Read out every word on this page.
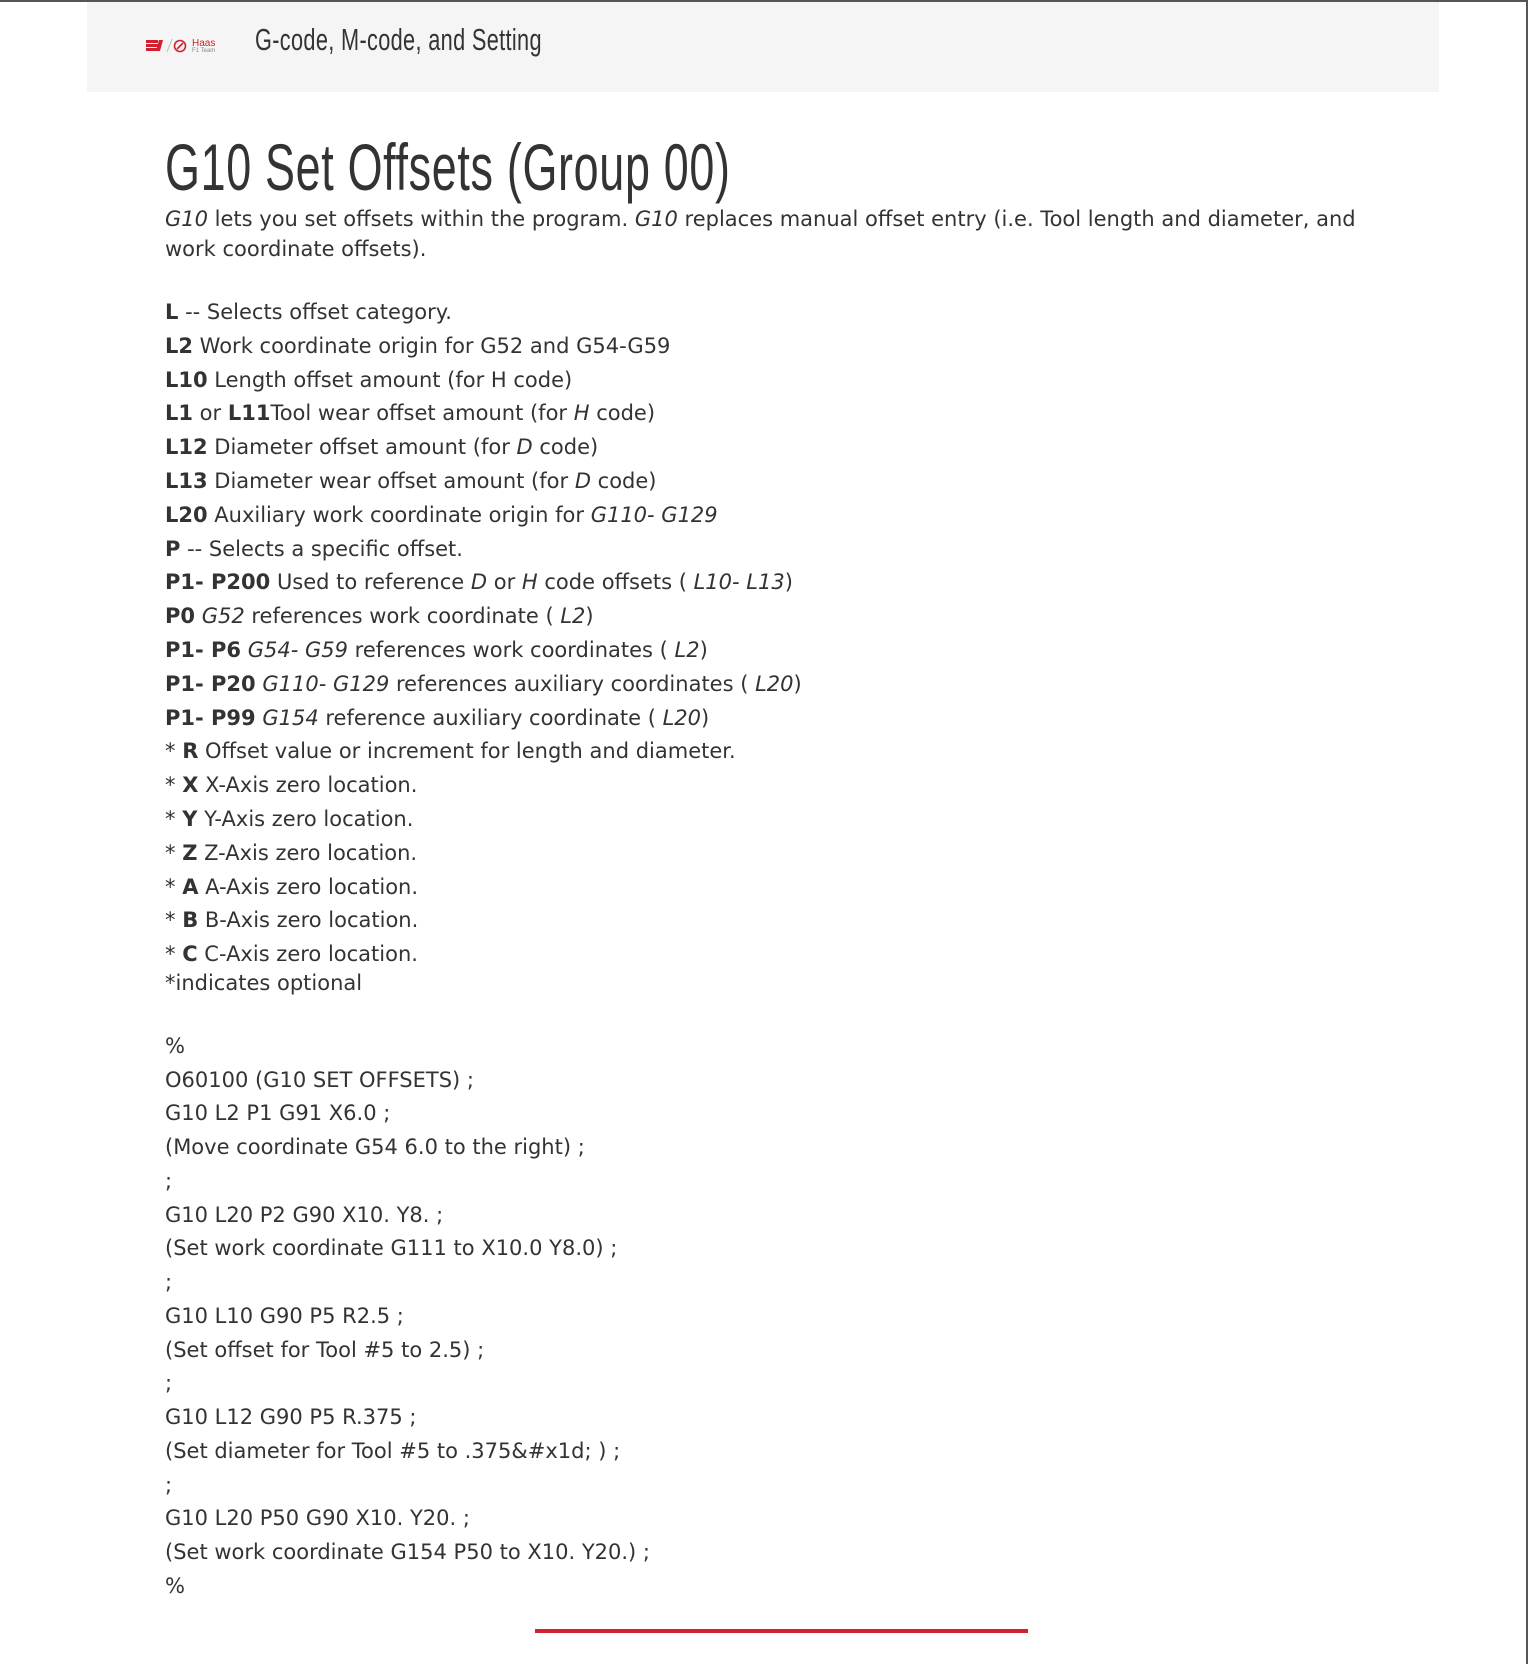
Haas
F1 Team G-code, M-code, and Setting
G10 Set Offsets (Group 00)

G10 lets you set offsets within the program. G10 replaces manual offset entry (i.e. Tool length and diameter, and work coordinate offsets).

L -- Selects offset category.
L2 Work coordinate origin for G52 and G54-G59
L10 Length offset amount (for H code)
L1 or L11Tool wear offset amount (for H code)
L12 Diameter offset amount (for D code)
L13 Diameter wear offset amount (for D code)
L20 Auxiliary work coordinate origin for G110- G129
P -- Selects a specific offset.
P1- P200 Used to reference D or H code offsets ( L10- L13)
P0 G52 references work coordinate ( L2)
P1- P6 G54- G59 references work coordinates ( L2)
P1- P20 G110- G129 references auxiliary coordinates ( L20)
P1- P99 G154 reference auxiliary coordinate ( L20)
* R Offset value or increment for length and diameter.
* X X-Axis zero location.
* Y Y-Axis zero location.
* Z Z-Axis zero location.
* A A-Axis zero location.
* B B-Axis zero location.
* C C-Axis zero location.
*indicates optional
%
O60100 (G10 SET OFFSETS) ;
G10 L2 P1 G91 X6.0 ;
(Move coordinate G54 6.0 to the right) ;
;
G10 L20 P2 G90 X10. Y8. ;
(Set work coordinate G111 to X10.0 Y8.0) ;
;
G10 L10 G90 P5 R2.5 ;
(Set offset for Tool #5 to 2.5) ;
;
G10 L12 G90 P5 R.375 ;
(Set diameter for Tool #5 to .375&#x1d; ) ;
;
G10 L20 P50 G90 X10. Y20. ;
(Set work coordinate G154 P50 to X10. Y20.) ;
%
